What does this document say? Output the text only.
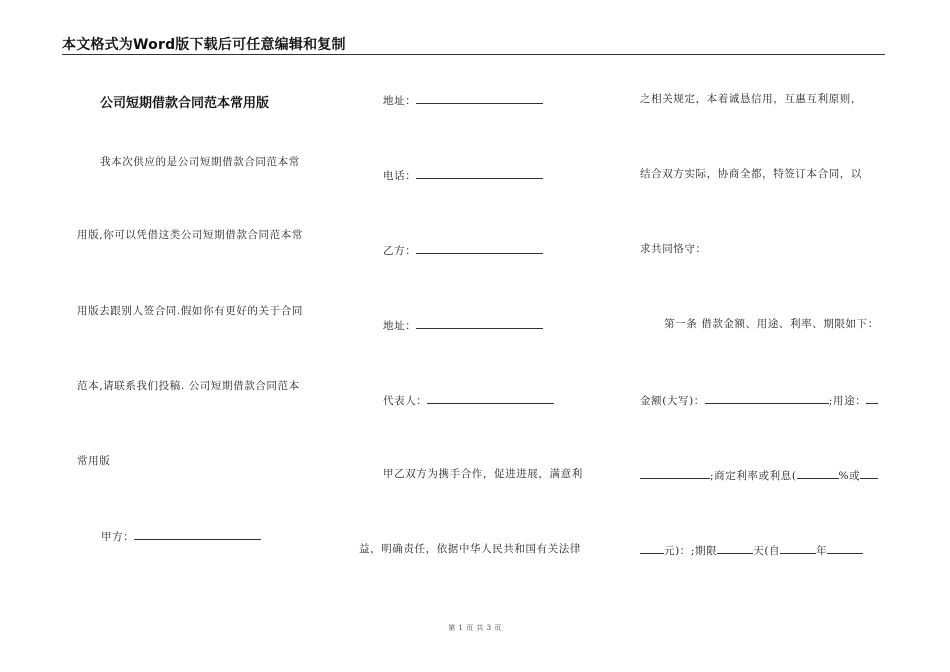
本文格式为Word版下载后可任意编辑和复制
公司短期借款合同范本常用版
我本次供应的是公司短期借款合同范本常
用版,你可以凭借这类公司短期借款合同范本常
用版去跟别人签合同.假如你有更好的关于合同
范本,请联系我们投稿. 公司短期借款合同范本
常用版
甲方：
地址：
电话：
乙方：
地址：
代表人：
甲乙双方为携手合作，促进进展，满意利
益，明确责任，依据中华人民共和国有关法律
之相关规定，本着诚恳信用，互惠互利原则，
结合双方实际，协商全都，特签订本合同，以
求共同恪守：
第一条 借款金额、用途、利率、期限如下：
金额(大写)：	;用途：
;商定利率或利息(	%或
元)：;期限	天(自	年
第 1 页 共 3 页
